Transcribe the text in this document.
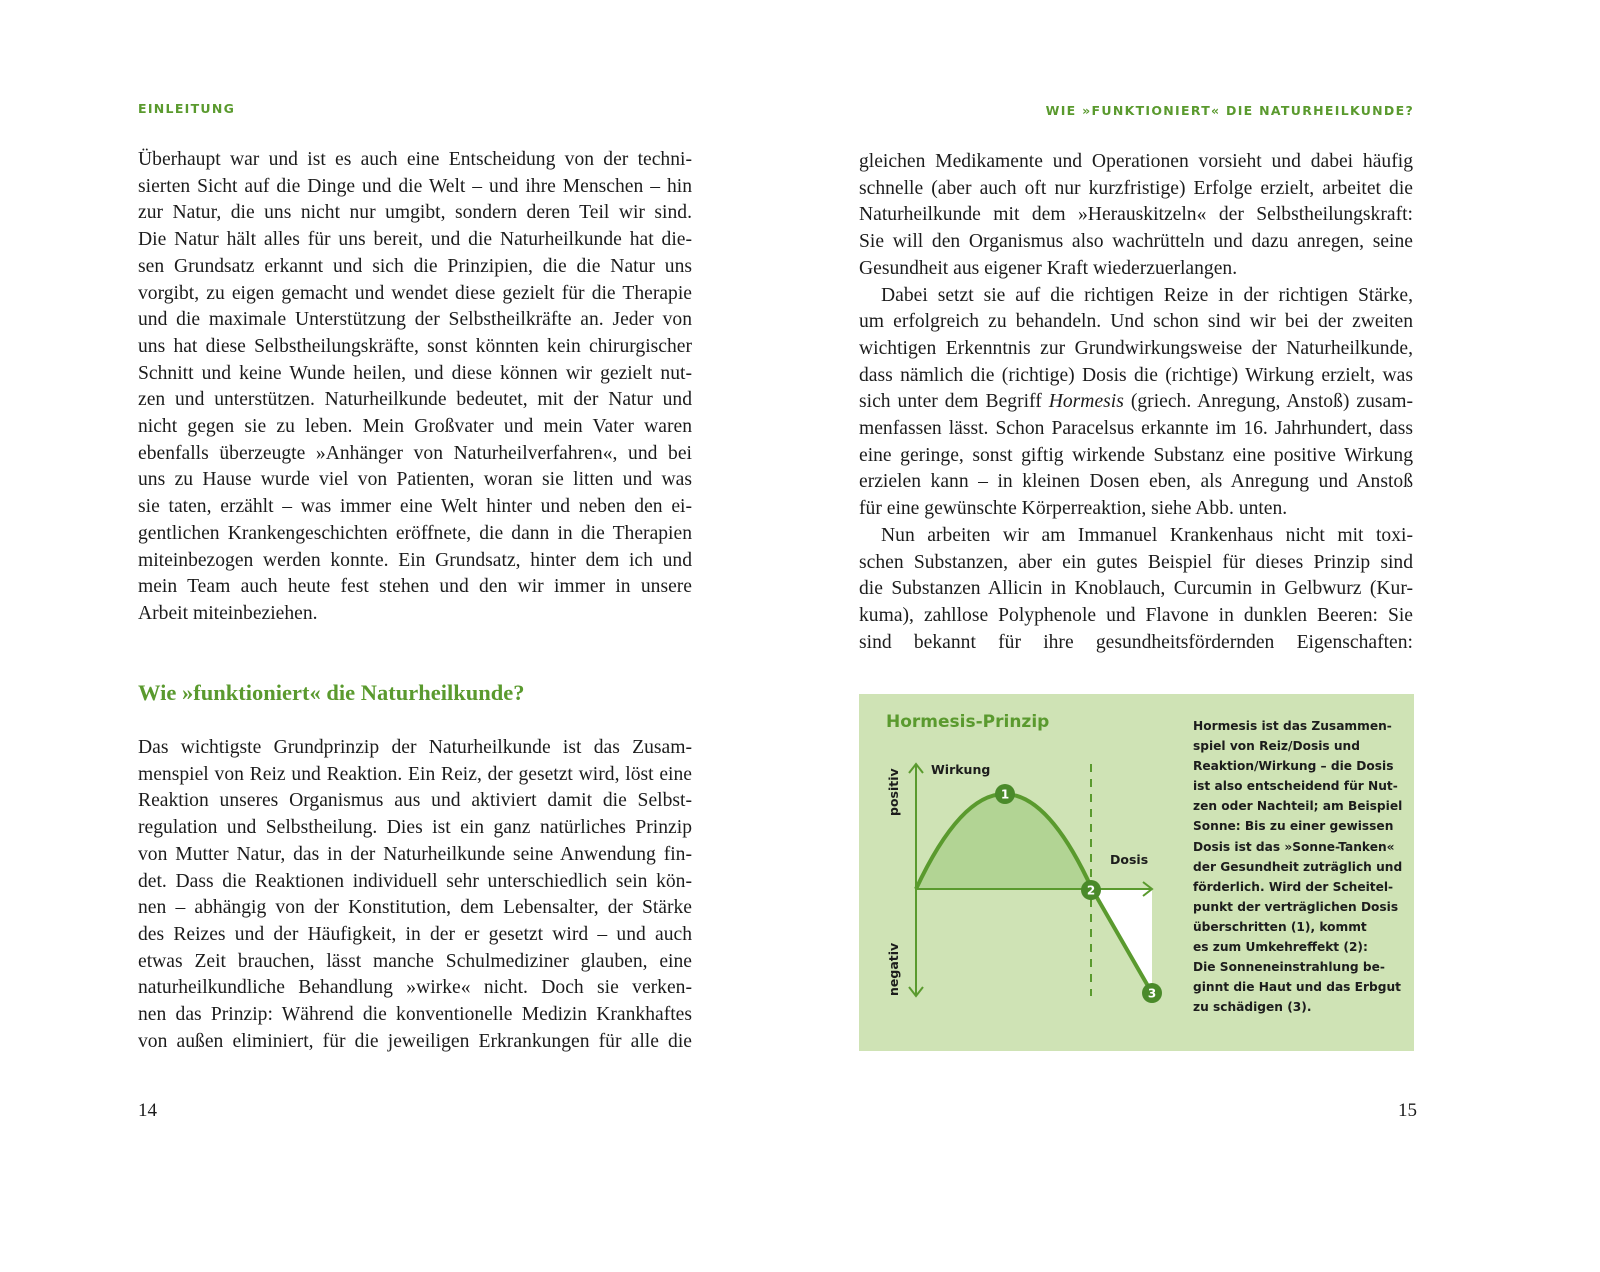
EINLEITUNG	WIE »FUNKTIONIERT« DIE NATURHEILKUNDE?
Überhaupt war und ist es auch eine Entscheidung von der techni-
sierten Sicht auf die Dinge und die Welt – und ihre Menschen – hin
zur Natur, die uns nicht nur umgibt, sondern deren Teil wir sind.
Die Natur hält alles für uns bereit, und die Naturheilkunde hat die-
sen Grundsatz erkannt und sich die Prinzipien, die die Natur uns
vorgibt, zu eigen gemacht und wendet diese gezielt für die Therapie
und die maximale Unterstützung der Selbstheilkräfte an. Jeder von
uns hat diese Selbstheilungskräfte, sonst könnten kein chirurgischer
Schnitt und keine Wunde heilen, und diese können wir gezielt nut-
zen und unterstützen. Naturheilkunde bedeutet, mit der Natur und
nicht gegen sie zu leben. Mein Großvater und mein Vater waren
ebenfalls überzeugte »Anhänger von Naturheilverfahren«, und bei
uns zu Hause wurde viel von Patienten, woran sie litten und was
sie taten, erzählt – was immer eine Welt hinter und neben den ei-
gentlichen Krankengeschichten eröffnete, die dann in die Therapien
miteinbezogen werden konnte. Ein Grundsatz, hinter dem ich und
mein Team auch heute fest stehen und den wir immer in unsere
Arbeit miteinbeziehen.
Wie »funktioniert« die Naturheilkunde?
Das wichtigste Grundprinzip der Naturheilkunde ist das Zusam-
menspiel von Reiz und Reaktion. Ein Reiz, der gesetzt wird, löst eine
Reaktion unseres Organismus aus und aktiviert damit die Selbst-
regulation und Selbstheilung. Dies ist ein ganz natürliches Prinzip
von Mutter Natur, das in der Naturheilkunde seine Anwendung fin-
det. Dass die Reaktionen individuell sehr unterschiedlich sein kön-
nen – abhängig von der Konstitution, dem Lebensalter, der Stärke
des Reizes und der Häufigkeit, in der er gesetzt wird – und auch
etwas Zeit brauchen, lässt manche Schulmediziner glauben, eine
naturheilkundliche Behandlung »wirke« nicht. Doch sie verken-
nen das Prinzip: Während die konventionelle Medizin Krankhaftes
von außen eliminiert, für die jeweiligen Erkrankungen für alle die
gleichen Medikamente und Operationen vorsieht und dabei häufig
schnelle (aber auch oft nur kurzfristige) Erfolge erzielt, arbeitet die
Naturheilkunde mit dem »Herauskitzeln« der Selbstheilungskraft:
Sie will den Organismus also wachrütteln und dazu anregen, seine
Gesundheit aus eigener Kraft wiederzuerlangen.
Dabei setzt sie auf die richtigen Reize in der richtigen Stärke,
um erfolgreich zu behandeln. Und schon sind wir bei der zweiten
wichtigen Erkenntnis zur Grundwirkungsweise der Naturheilkunde,
dass nämlich die (richtige) Dosis die (richtige) Wirkung erzielt, was
sich unter dem Begriff Hormesis (griech. Anregung, Anstoß) zusam-
menfassen lässt. Schon Paracelsus erkannte im 16. Jahrhundert, dass
eine geringe, sonst giftig wirkende Substanz eine positive Wirkung
erzielen kann – in kleinen Dosen eben, als Anregung und Anstoß
für eine gewünschte Körperreaktion, siehe Abb. unten.
Nun arbeiten wir am Immanuel Krankenhaus nicht mit toxi-
schen Substanzen, aber ein gutes Beispiel für dieses Prinzip sind
die Substanzen Allicin in Knoblauch, Curcumin in Gelbwurz (Kur-
kuma), zahllose Polyphenole und Flavone in dunklen Beeren: Sie
sind bekannt für ihre gesundheitsfördernden Eigenschaften:
1
2
3
Wirkung
Dosis
positiv
negativ
Hormesis-Prinzip	Hormesis ist das Zusammen-
spiel von Reiz/Dosis und
Reaktion/Wirkung – die Dosis
ist also entscheidend für Nut-
zen oder Nachteil; am Beispiel
Sonne: Bis zu einer gewissen
Dosis ist das »Sonne-Tanken«
der Gesundheit zuträglich und
förderlich. Wird der Scheitel-
punkt der verträglichen Dosis
überschritten (1), kommt
es zum Umkehreffekt (2):
Die Sonneneinstrahlung be-
ginnt die Haut und das Erbgut
zu schädigen (3).
14	15
